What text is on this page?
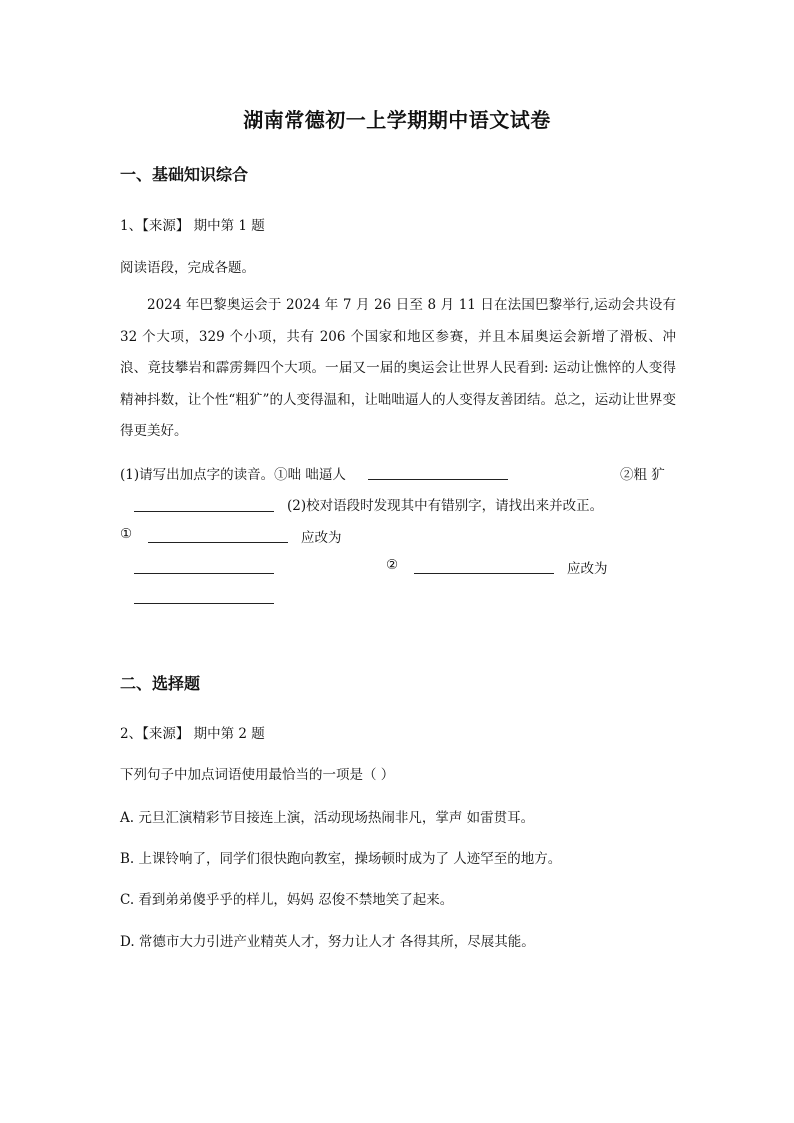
湖南常德初一上学期期中语文试卷
一、基础知识综合
1、【来源】 期中第 1 题
阅读语段，完成各题。
2024 年巴黎奥运会于 2024 年 7 月 26 日至 8 月 11 日在法国巴黎举行,运动会共设有 32 个大项，329 个小项，共有 206 个国家和地区参赛，并且本届奥运会新增了滑板、冲浪、竟技攀岩和霹雳舞四个大项。一届又一届的奥运会让世界人民看到: 运动让憔悴的人变得精神抖数，让个性“粗犷”的人变得温和，让咄咄逼人的人变得友善团结。总之，运动让世界变得更美好。
(1)请写出加点字的读音。①咄 咄逼人	②粗 犷
(2)校对语段时发现其中有错别字，请找出来并改正。
①	应改为
②	应改为
二、选择题
2、【来源】 期中第 2 题
下列句子中加点词语使用最恰当的一项是（ ）
A. 元旦汇演精彩节目接连上演，活动现场热闹非凡，掌声 如雷贯耳。
B. 上课铃响了，同学们很快跑向教室，操场顿时成为了 人迹罕至的地方。
C. 看到弟弟傻乎乎的样儿，妈妈 忍俊不禁地笑了起来。
D. 常德市大力引进产业精英人才，努力让人才 各得其所，尽展其能。
